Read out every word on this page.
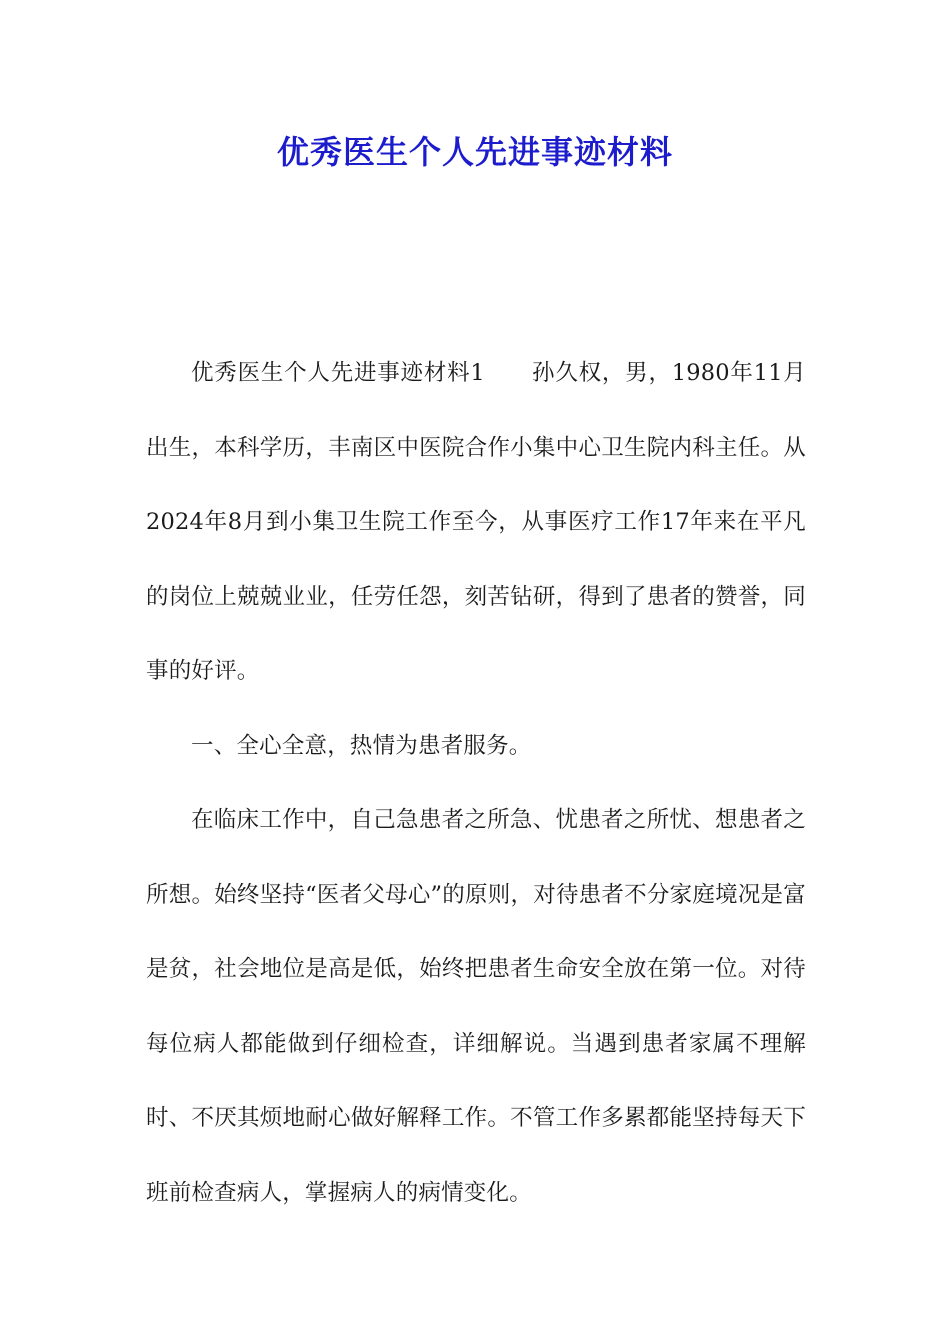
优秀医生个人先进事迹材料

优秀医生个人先进事迹材料1　　孙久权，男，1980年11月出生，本科学历，丰南区中医院合作小集中心卫生院内科主任。从2024年8月到小集卫生院工作至今，从事医疗工作17年来在平凡的岗位上兢兢业业，任劳任怨，刻苦钻研，得到了患者的赞誉，同事的好评。

一、全心全意，热情为患者服务。

在临床工作中，自己急患者之所急、忧患者之所忧、想患者之所想。始终坚持“医者父母心”的原则，对待患者不分家庭境况是富是贫，社会地位是高是低，始终把患者生命安全放在第一位。对待每位病人都能做到仔细检查，详细解说。当遇到患者家属不理解时、不厌其烦地耐心做好解释工作。不管工作多累都能坚持每天下班前检查病人，掌握病人的病情变化。
